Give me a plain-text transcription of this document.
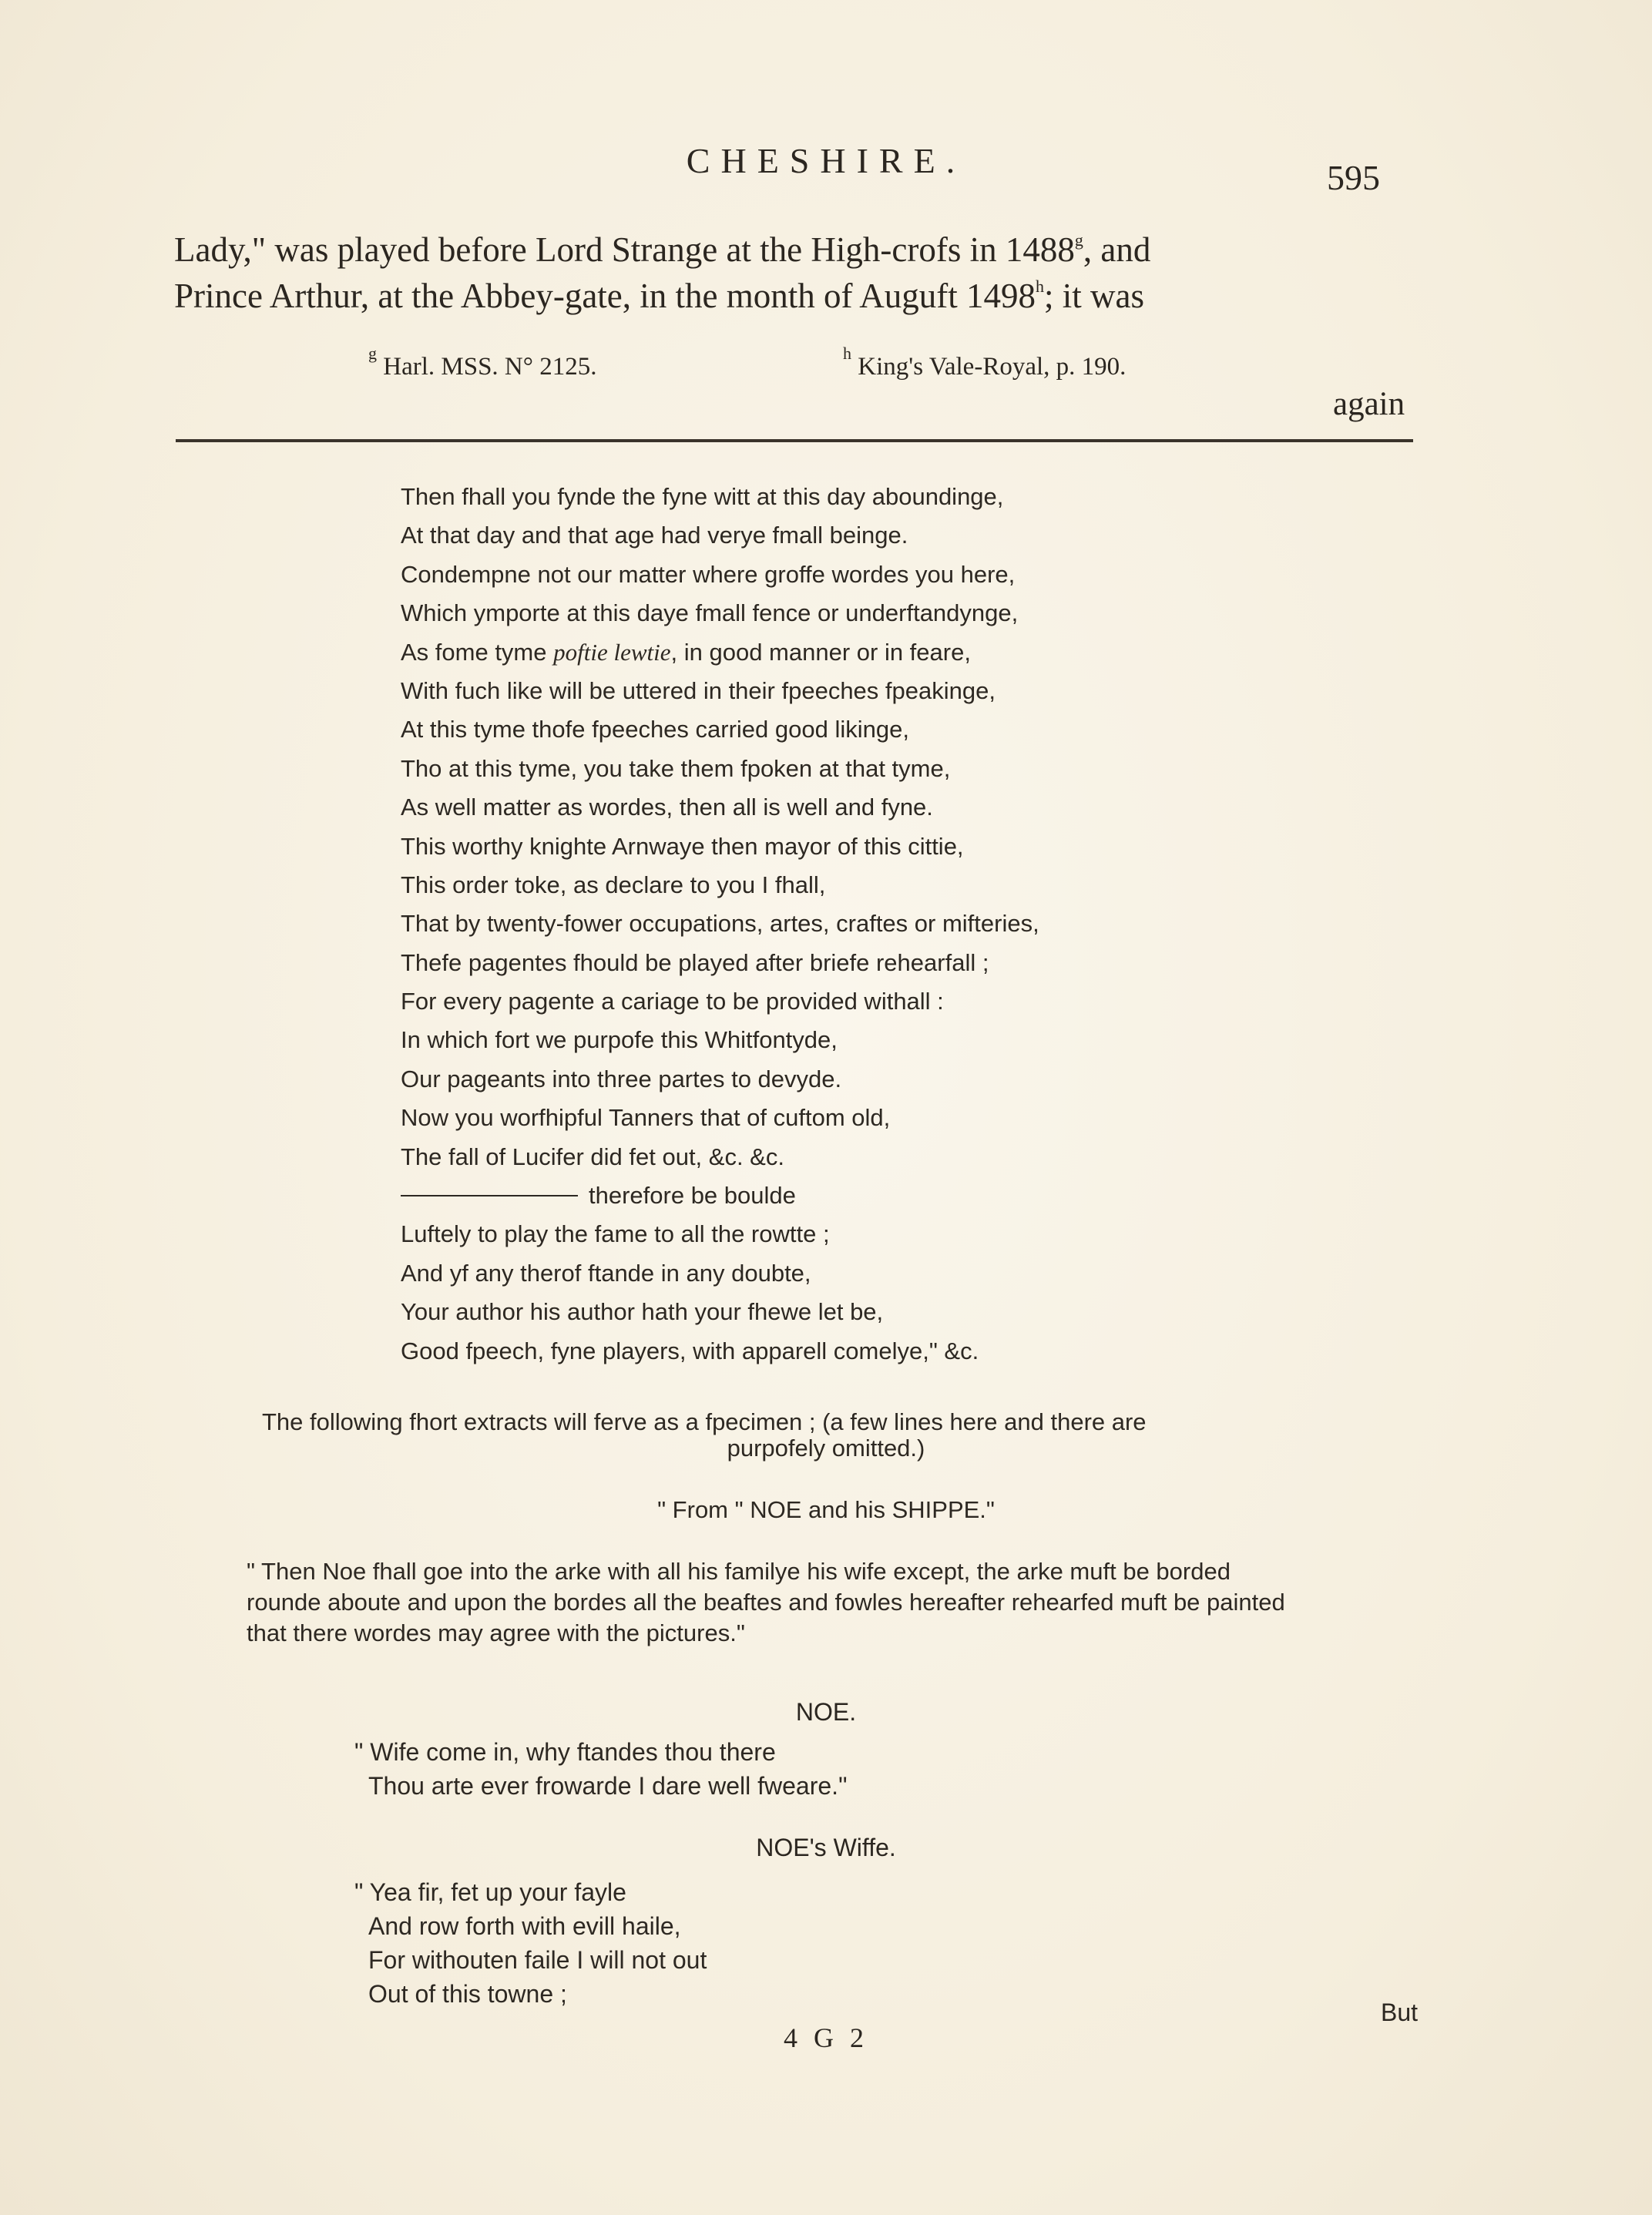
CHESHIRE.	595
Lady," was played before Lord Strange at the High-crofs in 1488$^g$, and
Prince Arthur, at the Abbey-gate, in the month of Auguft 1498$^h$; it was
$^g$ Harl. MSS. N° 2125.	$^h$ King's Vale-Royal, p. 190.
again
Then fhall you fynde the fyne witt at this day aboundinge,
At that day and that age had verye fmall beinge.
Condempne not our matter where groffe wordes you here,
Which ymporte at this daye fmall fence or underftandynge,
As fome tyme poftie lewtie, in good manner or in feare,
With fuch like will be uttered in their fpeeches fpeakinge,
At this tyme thofe fpeeches carried good likinge,
Tho at this tyme, you take them fpoken at that tyme,
As well matter as wordes, then all is well and fyne.
This worthy knighte Arnwaye then mayor of this cittie,
This order toke, as declare to you I fhall,
That by twenty-fower occupations, artes, craftes or mifteries,
Thefe pagentes fhould be played after briefe rehearfall ;
For every pagente a cariage to be provided withall :
In which fort we purpofe this Whitfontyde,
Our pageants into three partes to devyde.
Now you worfhipful Tanners that of cuftom old,
The fall of Lucifer did fet out, &c. &c.
therefore be boulde
Luftely to play the fame to all the rowtte ;
And yf any therof ftande in any doubte,
Your author his author hath your fhewe let be,
Good fpeech, fyne players, with apparell comelye," &c.
The following fhort extracts will ferve as a fpecimen ; (a few lines here and there are
purpofely omitted.)
" From " NOE and his SHIPPE."
" Then Noe fhall goe into the arke with all his familye his wife except, the arke muft be borded
rounde aboute and upon the bordes all the beaftes and fowles hereafter rehearfed muft be painted
that there wordes may agree with the pictures."
NOE.
" Wife come in, why ftandes thou there
Thou arte ever frowarde I dare well fweare."
NOE's Wiffe.
" Yea fir, fet up your fayle
And row forth with evill haile,
For withouten faile I will not out
Out of this towne ;
But
4 G 2
